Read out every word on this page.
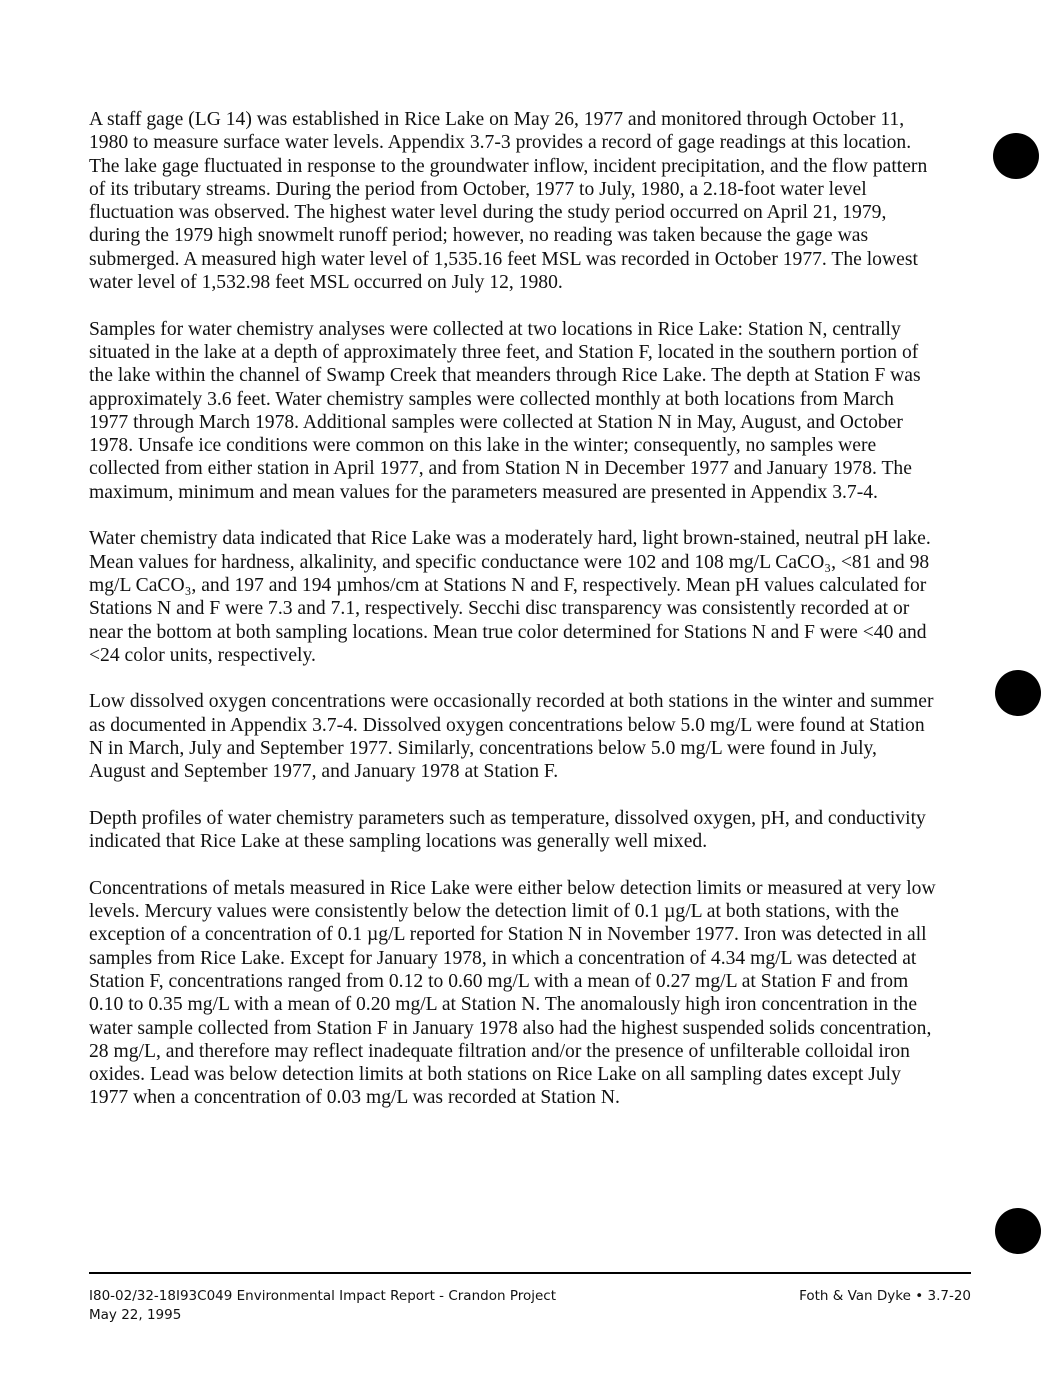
A staff gage (LG 14) was established in Rice Lake on May 26, 1977 and monitored through October 11, 1980 to measure surface water levels. Appendix 3.7-3 provides a record of gage readings at this location. The lake gage fluctuated in response to the groundwater inflow, incident precipitation, and the flow pattern of its tributary streams. During the period from October, 1977 to July, 1980, a 2.18-foot water level fluctuation was observed. The highest water level during the study period occurred on April 21, 1979, during the 1979 high snowmelt runoff period; however, no reading was taken because the gage was submerged. A measured high water level of 1,535.16 feet MSL was recorded in October 1977. The lowest water level of 1,532.98 feet MSL occurred on July 12, 1980.

Samples for water chemistry analyses were collected at two locations in Rice Lake: Station N, centrally situated in the lake at a depth of approximately three feet, and Station F, located in the southern portion of the lake within the channel of Swamp Creek that meanders through Rice Lake. The depth at Station F was approximately 3.6 feet. Water chemistry samples were collected monthly at both locations from March 1977 through March 1978. Additional samples were collected at Station N in May, August, and October 1978. Unsafe ice conditions were common on this lake in the winter; consequently, no samples were collected from either station in April 1977, and from Station N in December 1977 and January 1978. The maximum, minimum and mean values for the parameters measured are presented in Appendix 3.7-4.

Water chemistry data indicated that Rice Lake was a moderately hard, light brown-stained, neutral pH lake. Mean values for hardness, alkalinity, and specific conductance were 102 and 108 mg/L CaCO₃, <81 and 98 mg/L CaCO₃, and 197 and 194 µmhos/cm at Stations N and F, respectively. Mean pH values calculated for Stations N and F were 7.3 and 7.1, respectively. Secchi disc transparency was consistently recorded at or near the bottom at both sampling locations. Mean true color determined for Stations N and F were <40 and <24 color units, respectively.

Low dissolved oxygen concentrations were occasionally recorded at both stations in the winter and summer as documented in Appendix 3.7-4. Dissolved oxygen concentrations below 5.0 mg/L were found at Station N in March, July and September 1977. Similarly, concentrations below 5.0 mg/L were found in July, August and September 1977, and January 1978 at Station F.

Depth profiles of water chemistry parameters such as temperature, dissolved oxygen, pH, and conductivity indicated that Rice Lake at these sampling locations was generally well mixed.

Concentrations of metals measured in Rice Lake were either below detection limits or measured at very low levels. Mercury values were consistently below the detection limit of 0.1 µg/L at both stations, with the exception of a concentration of 0.1 µg/L reported for Station N in November 1977. Iron was detected in all samples from Rice Lake. Except for January 1978, in which a concentration of 4.34 mg/L was detected at Station F, concentrations ranged from 0.12 to 0.60 mg/L with a mean of 0.27 mg/L at Station F and from 0.10 to 0.35 mg/L with a mean of 0.20 mg/L at Station N. The anomalously high iron concentration in the water sample collected from Station F in January 1978 also had the highest suspended solids concentration, 28 mg/L, and therefore may reflect inadequate filtration and/or the presence of unfilterable colloidal iron oxides. Lead was below detection limits at both stations on Rice Lake on all sampling dates except July 1977 when a concentration of 0.03 mg/L was recorded at Station N.

I80-02/32-18I93C049 Environmental Impact Report - Crandon Project
May 22, 1995
Foth & Van Dyke • 3.7-20
